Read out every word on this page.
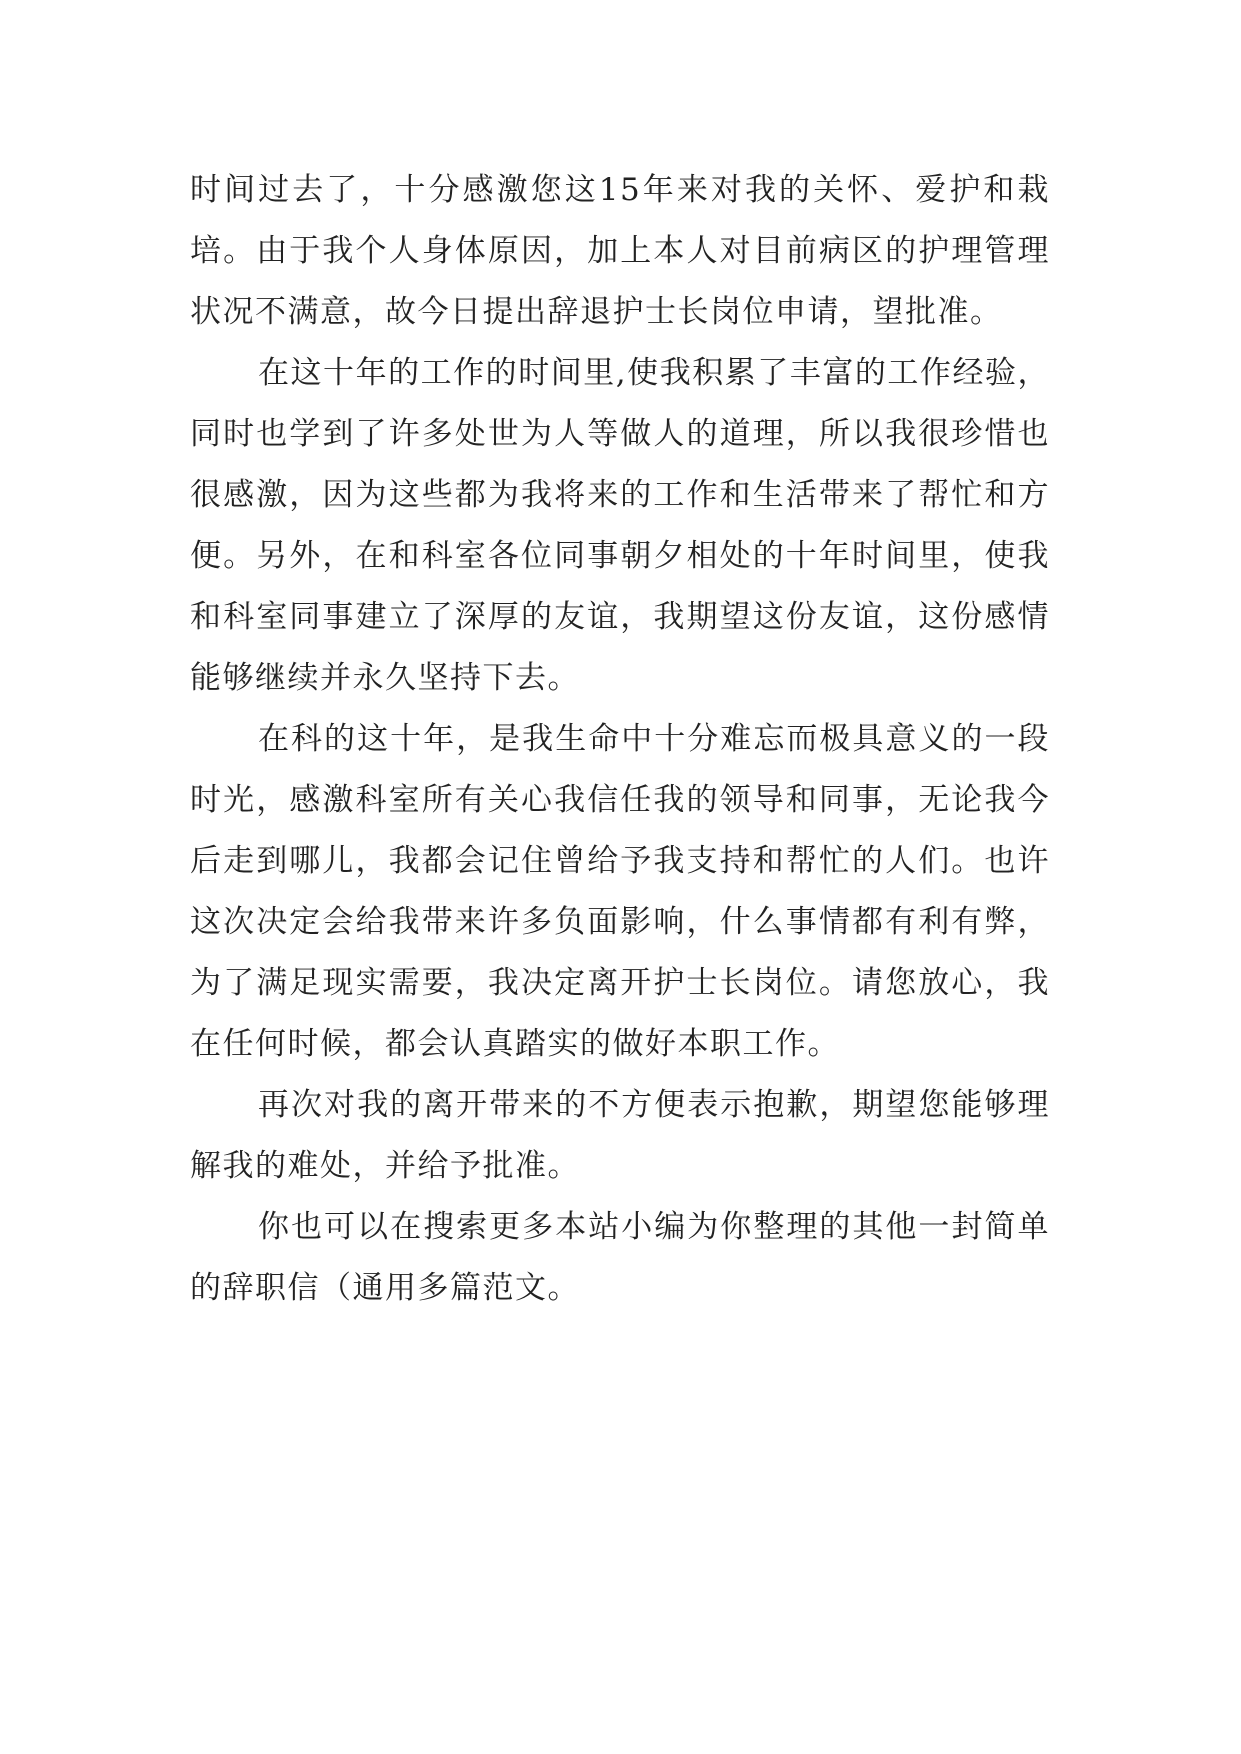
时间过去了，十分感激您这15年来对我的关怀、爱护和栽培。由于我个人身体原因，加上本人对目前病区的护理管理状况不满意，故今日提出辞退护士长岗位申请，望批准。

在这十年的工作的时间里,使我积累了丰富的工作经验，同时也学到了许多处世为人等做人的道理，所以我很珍惜也很感激，因为这些都为我将来的工作和生活带来了帮忙和方便。另外，在和科室各位同事朝夕相处的十年时间里，使我和科室同事建立了深厚的友谊，我期望这份友谊，这份感情能够继续并永久坚持下去。

在科的这十年，是我生命中十分难忘而极具意义的一段时光，感激科室所有关心我信任我的领导和同事，无论我今后走到哪儿，我都会记住曾给予我支持和帮忙的人们。也许这次决定会给我带来许多负面影响，什么事情都有利有弊，为了满足现实需要，我决定离开护士长岗位。请您放心，我在任何时候，都会认真踏实的做好本职工作。

再次对我的离开带来的不方便表示抱歉，期望您能够理解我的难处，并给予批准。

你也可以在搜索更多本站小编为你整理的其他一封简单的辞职信（通用多篇范文。
